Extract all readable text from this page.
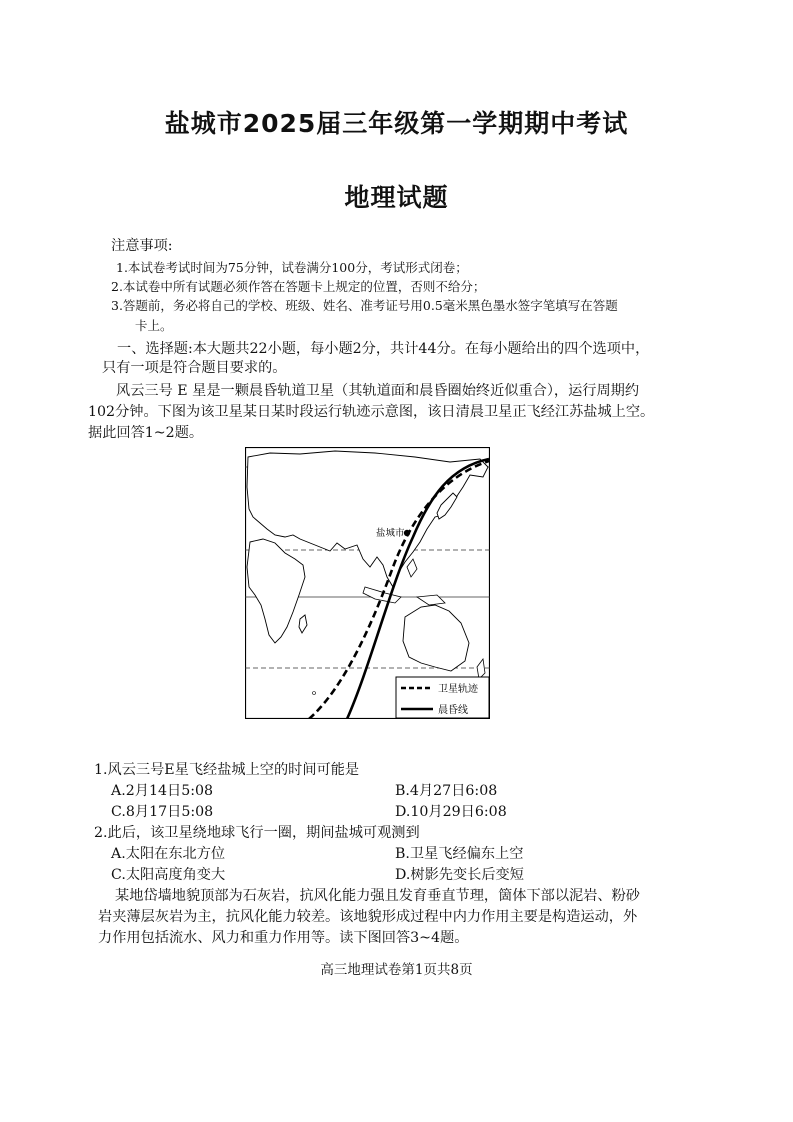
盐城市2025届三年级第一学期期中考试
地理试题
注意事项:
1.本试卷考试时间为75分钟，试卷满分100分，考试形式闭卷；
2.本试卷中所有试题必须作答在答题卡上规定的位置，否则不给分；
3.答题前，务必将自己的学校、班级、姓名、准考证号用0.5毫米黑色墨水签字笔填写在答题
卡上。
一、选择题:本大题共22小题，每小题2分，共计44分。在每小题给出的四个选项中，
只有一项是符合题目要求的。
风云三号 E 星是一颗晨昏轨道卫星（其轨道面和晨昏圈始终近似重合），运行周期约
102分钟。下图为该卫星某日某时段运行轨迹示意图，该日清晨卫星正飞经江苏盐城上空。
据此回答1~2题。
盐城市
卫星轨迹
晨昏线
1.风云三号E星飞经盐城上空的时间可能是
A.2月14日5:08	B.4月27日6:08
C.8月17日5:08	D.10月29日6:08
2.此后，该卫星绕地球飞行一圈，期间盐城可观测到
A.太阳在东北方位	B.卫星飞经偏东上空
C.太阳高度角变大	D.树影先变长后变短
某地岱墙地貌顶部为石灰岩，抗风化能力强且发育垂直节理，箇体下部以泥岩、粉砂
岩夹薄层灰岩为主，抗风化能力较差。该地貌形成过程中内力作用主要是构造运动，外
力作用包括流水、风力和重力作用等。读下图回答3~4题。
高三地理试卷第1页共8页
